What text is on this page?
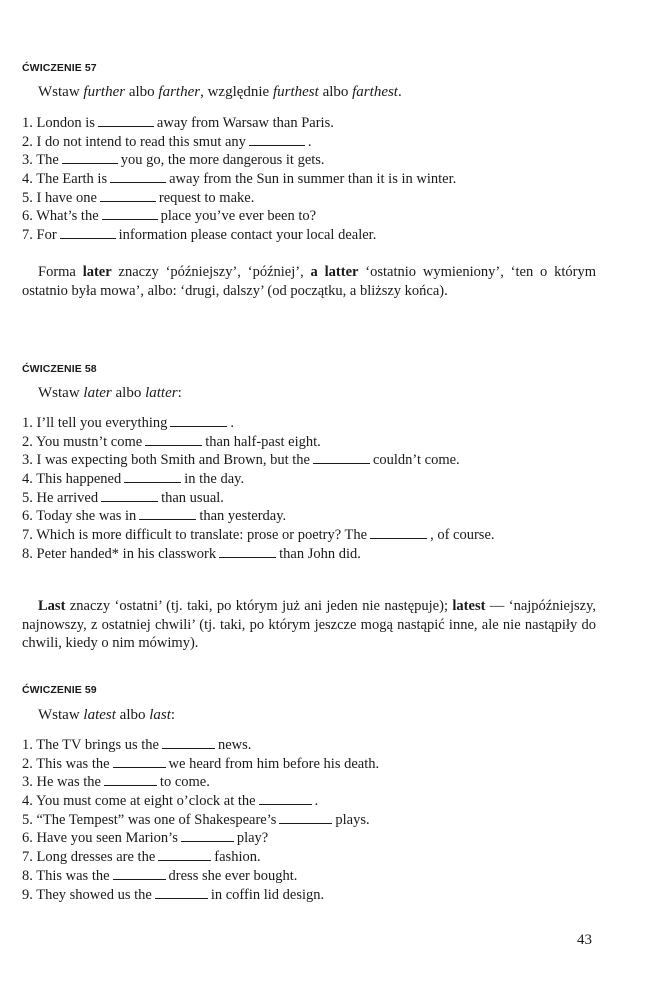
ĆWICZENIE 57
Wstaw further albo farther, względnie furthest albo farthest.
1. London is	away from Warsaw than Paris.
2. I do not intend to read this smut any	.
3. The	you go, the more dangerous it gets.
4. The Earth is	away from the Sun in summer than it is in winter.
5. I have one	request to make.
6. What’s the	place you’ve ever been to?
7. For	information please contact your local dealer.

Forma later znaczy ‘późniejszy’, ‘później’, a latter ‘ostatnio wymieniony’, ‘ten o którym ostatnio była mowa’, albo: ‘drugi, dalszy’ (od początku, a bliższy końca).

ĆWICZENIE 58
Wstaw later albo latter:
1. I’ll tell you everything	.
2. You mustn’t come	than half-past eight.
3. I was expecting both Smith and Brown, but the	couldn’t come.
4. This happened	in the day.
5. He arrived	than usual.
6. Today she was in	than yesterday.
7. Which is more difficult to translate: prose or poetry? The	, of course.
8. Peter handed* in his classwork	than John did.

Last znaczy ‘ostatni’ (tj. taki, po którym już ani jeden nie następuje); latest — ‘najpóźniejszy, najnowszy, z ostatniej chwili’ (tj. taki, po którym jeszcze mogą nastąpić inne, ale nie nastąpiły do chwili, kiedy o nim mówimy).

ĆWICZENIE 59
Wstaw latest albo last:
1. The TV brings us the	news.
2. This was the	we heard from him before his death.
3. He was the	to come.
4. You must come at eight o’clock at the	.
5. “The Tempest” was one of Shakespeare’s	plays.
6. Have you seen Marion’s	play?
7. Long dresses are the	fashion.
8. This was the	dress she ever bought.
9. They showed us the	in coffin lid design.
43
